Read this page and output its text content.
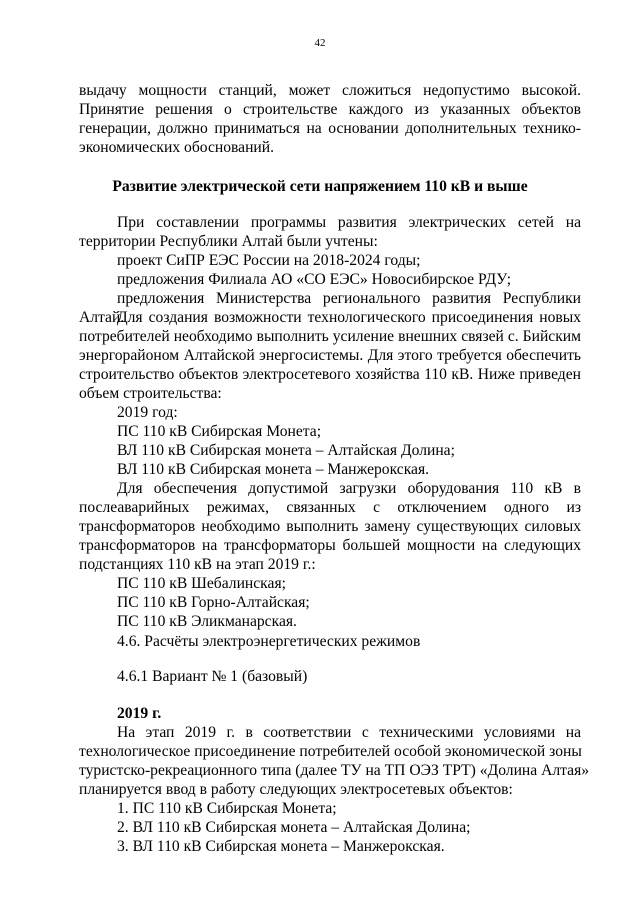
42
выдачу мощности станций, может сложиться недопустимо высокой.
Принятие решения о строительстве каждого из указанных объектов
генерации, должно приниматься на основании дополнительных технико-
экономических обоснований.
Развитие электрической сети напряжением 110 кВ и выше
При составлении программы развития электрических сетей на
территории Республики Алтай были учтены:
проект СиПР ЕЭС России на 2018-2024 годы;
предложения Филиала АО «СО ЕЭС» Новосибирское РДУ;
предложения Министерства регионального развития Республики
Алтай.
Для создания возможности технологического присоединения новых
потребителей необходимо выполнить усиление внешних связей с. Бийским
энергорайоном Алтайской энергосистемы. Для этого требуется обеспечить
строительство объектов электросетевого хозяйства 110 кВ. Ниже приведен
объем строительства:
2019 год:
ПС 110 кВ Сибирская Монета;
ВЛ 110 кВ Сибирская монета – Алтайская Долина;
ВЛ 110 кВ Сибирская монета – Манжерокская.
Для обеспечения допустимой загрузки оборудования 110 кВ в
послеаварийных режимах, связанных с отключением одного из
трансформаторов необходимо выполнить замену существующих силовых
трансформаторов на трансформаторы большей мощности на следующих
подстанциях 110 кВ на этап 2019 г.:
ПС 110 кВ Шебалинская;
ПС 110 кВ Горно-Алтайская;
ПС 110 кВ Эликманарская.
4.6. Расчёты электроэнергетических режимов
4.6.1 Вариант № 1 (базовый)
2019 г.
На этап 2019 г. в соответствии с техническими условиями на
технологическое присоединение потребителей особой экономической зоны
туристско-рекреационного типа (далее ТУ на ТП ОЭЗ ТРТ) «Долина Алтая»
планируется ввод в работу следующих электросетевых объектов:
1. ПС 110 кВ Сибирская Монета;
2. ВЛ 110 кВ Сибирская монета – Алтайская Долина;
3. ВЛ 110 кВ Сибирская монета – Манжерокская.
